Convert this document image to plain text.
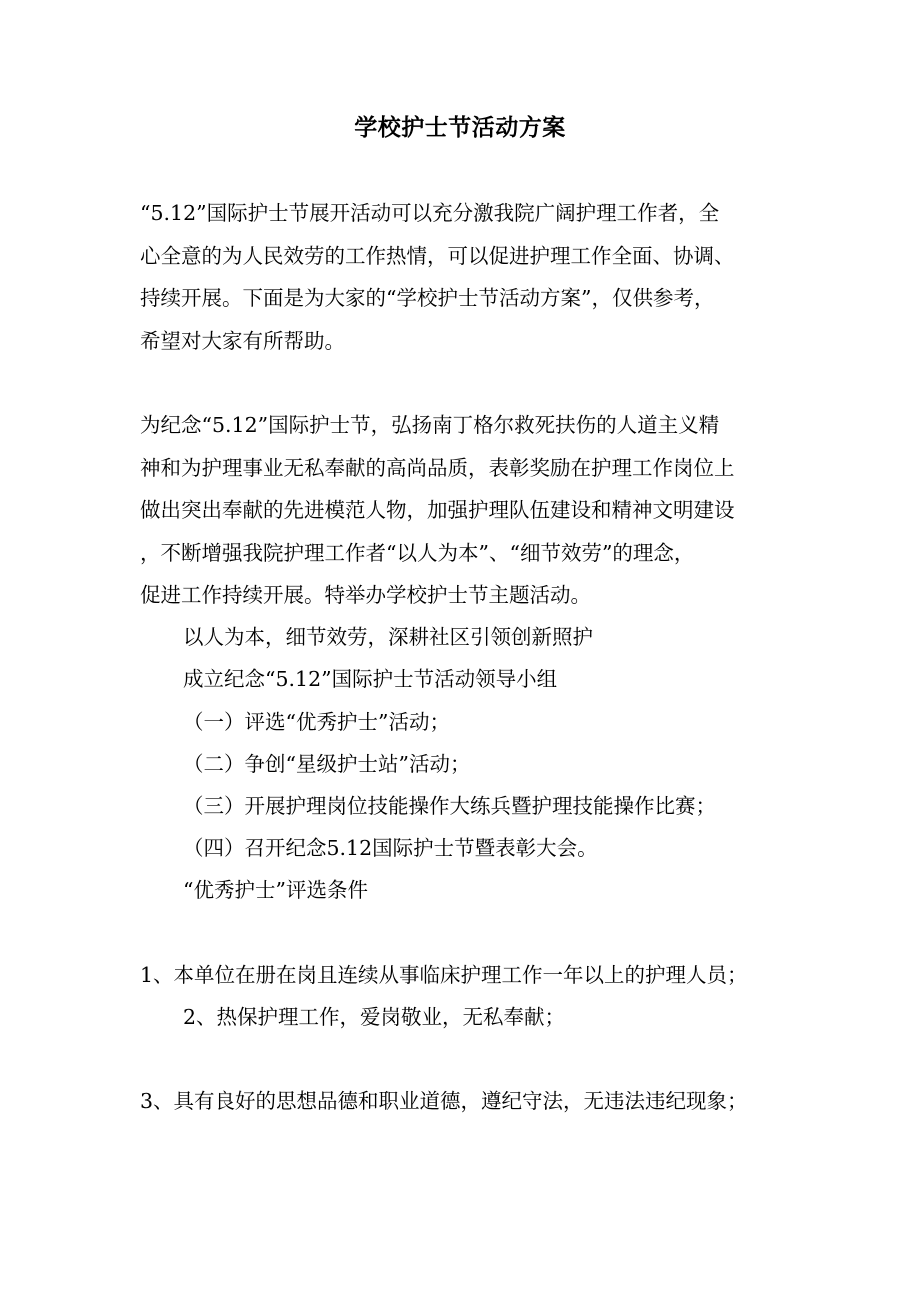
学校护士节活动方案

“5.12”国际护士节展开活动可以充分激我院广阔护理工作者，全
心全意的为人民效劳的工作热情，可以促进护理工作全面、协调、
持续开展。下面是为大家的“学校护士节活动方案”，仅供参考，
希望对大家有所帮助。

为纪念“5.12”国际护士节，弘扬南丁格尔救死扶伤的人道主义精
神和为护理事业无私奉献的高尚品质，表彰奖励在护理工作岗位上
做出突出奉献的先进模范人物，加强护理队伍建设和精神文明建设
，不断增强我院护理工作者“以人为本”、“细节效劳”的理念，
促进工作持续开展。特举办学校护士节主题活动。

以人为本，细节效劳，深耕社区引领创新照护
成立纪念“5.12”国际护士节活动领导小组
（一）评选“优秀护士”活动；
（二）争创“星级护士站”活动；
（三）开展护理岗位技能操作大练兵暨护理技能操作比赛；
（四）召开纪念5.12国际护士节暨表彰大会。
“优秀护士”评选条件
1、本单位在册在岗且连续从事临床护理工作一年以上的护理人员；
2、热保护理工作，爱岗敬业，无私奉献；
3、具有良好的思想品德和职业道德，遵纪守法，无违法违纪现象；
